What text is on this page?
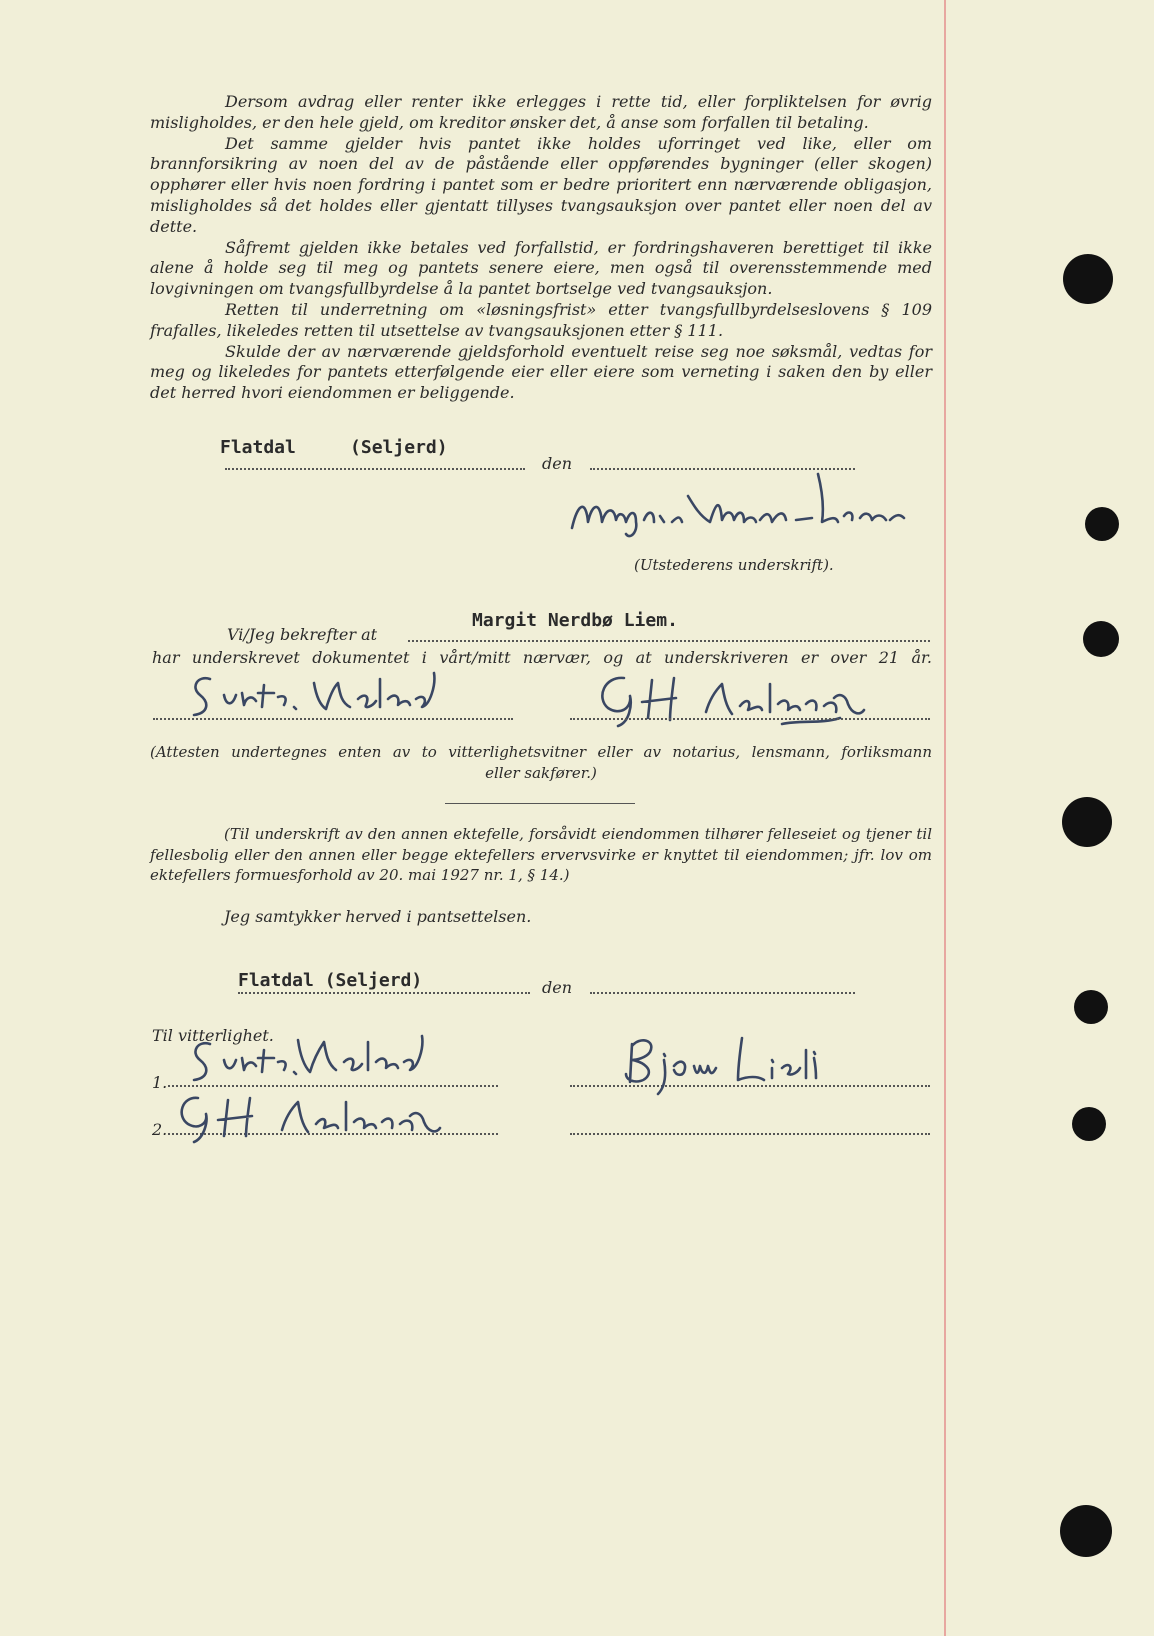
Dersom avdrag eller renter ikke erlegges i rette tid, eller forpliktelsen for øvrig misligholdes, er den hele gjeld, om kreditor ønsker det, å anse som forfallen til betaling.

Det samme gjelder hvis pantet ikke holdes uforringet ved like, eller om brannforsikring av noen del av de påstående eller oppførendes bygninger (eller skogen) opphører eller hvis noen fordring i pantet som er bedre prioritert enn nærværende obligasjon, misligholdes så det holdes eller gjentatt tillyses tvangsauksjon over pantet eller noen del av dette.

Såfremt gjelden ikke betales ved forfallstid, er fordringshaveren berettiget til ikke alene å holde seg til meg og pantets senere eiere, men også til overensstemmende med lovgivningen om tvangsfullbyrdelse å la pantet bortselge ved tvangsauksjon.

Retten til underretning om «løsningsfrist» etter tvangsfullbyrdelseslovens § 109 frafalles, likeledes retten til utsettelse av tvangsauksjonen etter § 111.

Skulde der av nærværende gjeldsforhold eventuelt reise seg noe søksmål, vedtas for meg og likeledes for pantets etterfølgende eier eller eiere som verneting i saken den by eller det herred hvori eiendommen er beliggende.

Flatdal     (Seljerd)
den
(Utstederens underskrift).
Margit Nerdbø Liem.
Vi/Jeg bekrefter at
har underskrevet dokumentet i vårt/mitt nærvær, og at underskriveren er over 21 år.
(Attesten undertegnes enten av to vitterlighetsvitner eller av notarius, lensmann, forliksmann
eller sakfører.)
(Til underskrift av den annen ektefelle, forsåvidt eiendommen tilhører felleseiet og tjener til fellesbolig eller den annen eller begge ektefellers ervervsvirke er knyttet til eiendommen; jfr. lov om ektefellers formuesforhold av 20. mai 1927 nr. 1, § 14.)
Jeg samtykker herved i pantsettelsen.
Flatdal (Seljerd)	den
Til vitterlighet.
1.
2.
